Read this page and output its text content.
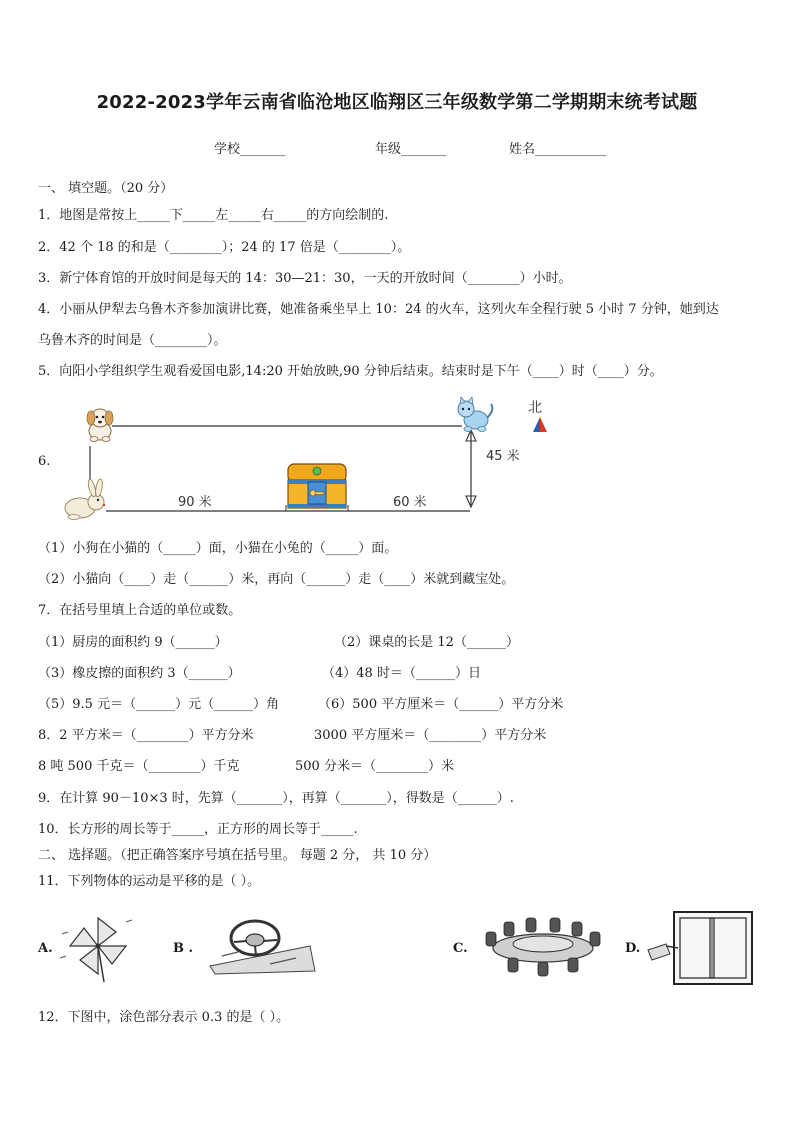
2022-2023学年云南省临沧地区临翔区三年级数学第二学期期末统考试题
学校_______	年级_______	姓名___________
一、 填空题。（20 分）
1．地图是常按上_____下_____左_____右_____的方向绘制的.
2．42 个 18 的和是（________）；24 的 17 倍是（________）。
3．新宁体育馆的开放时间是每天的 14：30—21：30，一天的开放时间（________）小时。
4．小丽从伊犁去乌鲁木齐参加演讲比赛，她准备乘坐早上 10：24 的火车，这列火车全程行驶 5 小时 7 分钟，她到达
乌鲁木齐的时间是（________）。
5．向阳小学组织学生观看爱国电影,14:20 开始放映,90 分钟后结束。结束时是下午（____）时（____）分。
6.
北
45 米
90 米	60 米
（1）小狗在小猫的（_____）面，小猫在小兔的（_____）面。
（2）小猫向（____）走（______）米，再向（______）走（____）米就到藏宝处。
7．在括号里填上合适的单位或数。
（1）厨房的面积约 9（______）	（2）课桌的长是 12（______）
（3）橡皮擦的面积约 3（______）	（4）48 时＝（______）日
（5）9.5 元＝（______）元（______）角	（6）500 平方厘米＝（______）平方分米
8．2 平方米＝（________）平方分米	3000 平方厘米＝（________）平方分米
8 吨 500 千克＝（________）千克	500 分米＝（________）米
9．在计算 90－10×3 时，先算（_______），再算（_______），得数是（______）.
10．长方形的周长等于_____，正方形的周长等于_____.
二、 选择题。（把正确答案序号填在括号里。 每题 2 分， 共 10 分）
11．下列物体的运动是平移的是（ ）。
A.	B .	C.	D.
12．下图中，涂色部分表示 0.3 的是（ ）。
